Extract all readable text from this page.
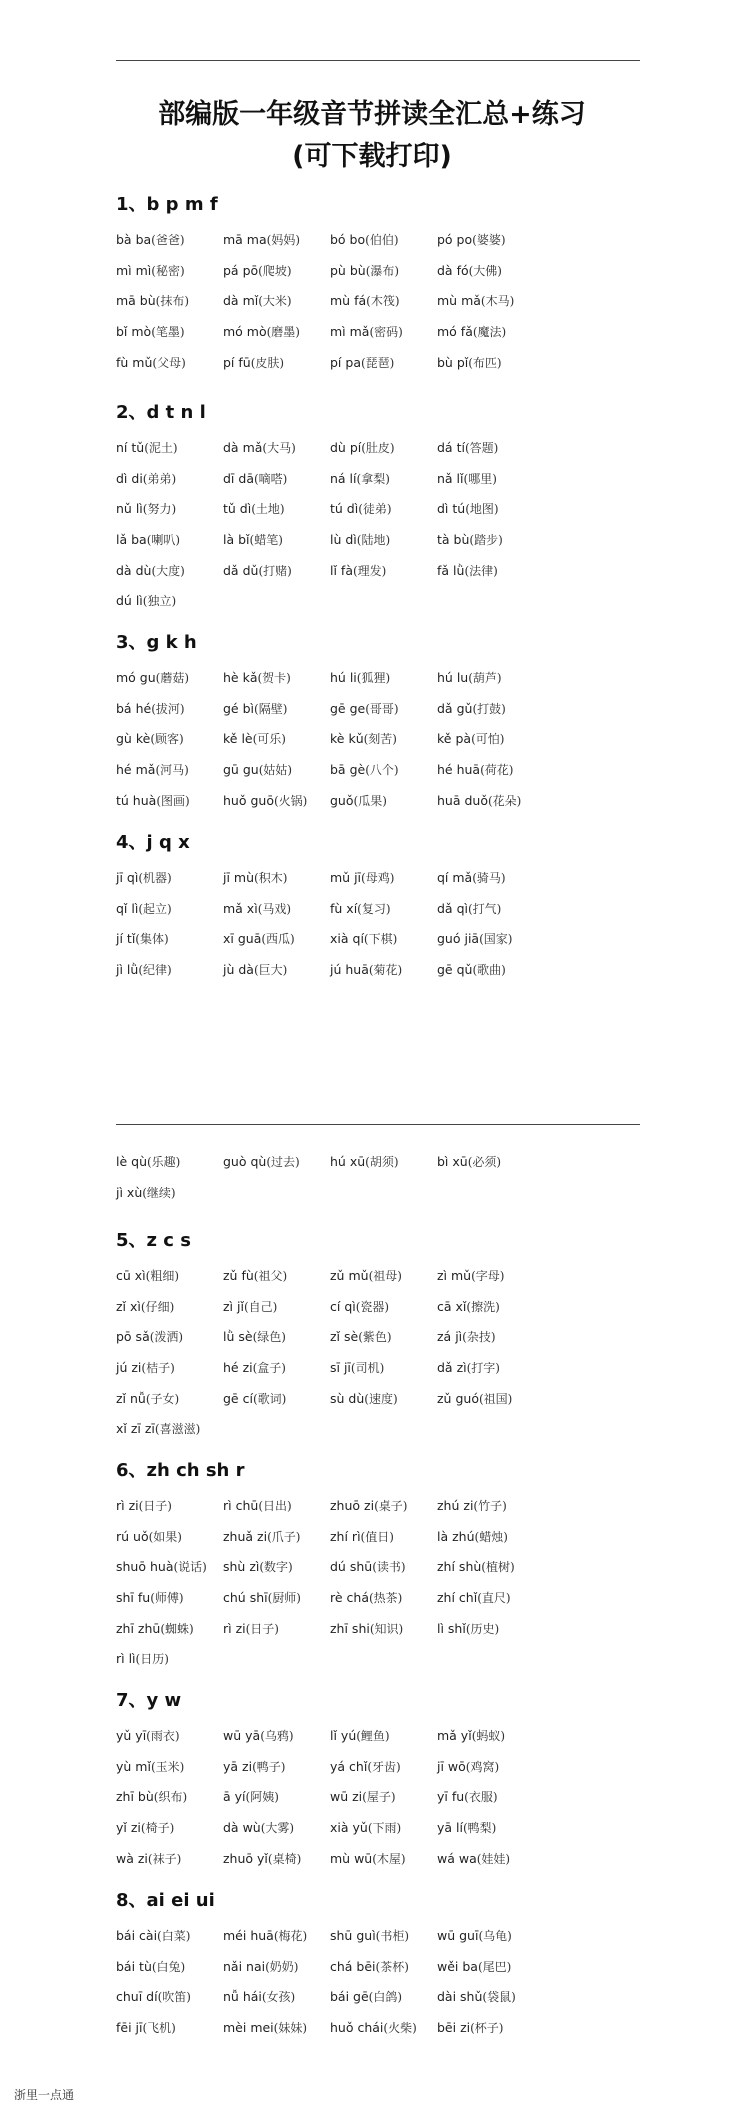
部编版一年级音节拼读全汇总+练习
(可下载打印)
1、b p m f
bà ba(爸爸)	mā ma(妈妈) bó bo(伯伯)	pó po(婆婆)
mì mì(秘密)	pá pō(爬坡)	pù bù(瀑布)	dà fó(大佛)
mā bù(抹布)	dà mǐ(大米)	mù fá(木筏)	mù mǎ(木马)
bǐ mò(笔墨)	mó mò(磨墨) mì mǎ(密码)	mó fǎ(魔法)
fù mǔ(父母)	pí fū(皮肤)	pí pa(琵琶)	bù pǐ(布匹)
2、d t n l
ní tǔ(泥土)	dà mǎ(大马)	dù pí(肚皮)	dá tí(答题)
dì di(弟弟)	dī dā(嘀嗒)	ná lí(拿梨)	nǎ lǐ(哪里)
nǔ lì(努力)	tǔ dì(土地)	tú dì(徒弟)	dì tú(地图)
lǎ ba(喇叭)	là bǐ(蜡笔)	lù dì(陆地)	tà bù(踏步)
dà dù(大度)	dǎ dǔ(打赌)	lǐ fà(理发)	fǎ lǜ(法律)
dú lì(独立)
3、g k h
mó gu(蘑菇)	hè kǎ(贺卡)	hú li(狐狸)	hú lu(葫芦)
bá hé(拔河)	gé bì(隔壁)	gē ge(哥哥)	dǎ gǔ(打鼓)
gù kè(顾客)	kě lè(可乐)	kè kǔ(刻苦)	kě pà(可怕)
hé mǎ(河马)	gū gu(姑姑)	bā gè(八个)	hé huā(荷花)
tú huà(图画)	huǒ guō(火锅) guǒ(瓜果)	huā duǒ(花朵)
4、j q x
jī qì(机器)	jī mù(积木)	mǔ jī(母鸡)	qí mǎ(骑马)
qǐ lì(起立)	mǎ xì(马戏)	fù xí(复习)	dǎ qì(打气)
jí tǐ(集体)	xī guā(西瓜)	xià qí(下棋)	guó jiā(国家)
jì lǜ(纪律)	jù dà(巨大)	jú huā(菊花)	gē qǔ(歌曲)
lè qù(乐趣)	guò qù(过去) hú xū(胡须)	bì xū(必须)
jì xù(继续)
5、z c s
cū xì(粗细)	zǔ fù(祖父)	zǔ mǔ(祖母)	zì mǔ(字母)
zǐ xì(仔细)	zì jǐ(自己)	cí qì(瓷器)	cā xǐ(擦洗)
pō sǎ(泼洒)	lǜ sè(绿色)	zǐ sè(紫色)	zá jì(杂技)
jú zi(桔子)	hé zi(盒子)	sī jī(司机)	dǎ zì(打字)
zǐ nǚ(子女)	gē cí(歌词)	sù dù(速度)	zǔ guó(祖国)
xǐ zī zī(喜滋滋)
6、zh ch sh r
rì zi(日子)	rì chū(日出)	zhuō zi(桌子) zhú zi(竹子)
rú uǒ(如果)	zhuǎ zi(爪子) zhí rì(值日)	là zhú(蜡烛)
shuō huà(说话) shù zì(数字)	dú shū(读书)	zhí shù(植树)
shī fu(师傅)	chú shī(厨师) rè chá(热茶)	zhí chǐ(直尺)
zhī zhū(蜘蛛) rì zi(日子)	zhī shi(知识)	lì shǐ(历史)
rì lì(日历)
7、y w
yǔ yī(雨衣)	wū yā(乌鸦)	lǐ yú(鲤鱼)	mǎ yǐ(蚂蚁)
yù mǐ(玉米)	yā zi(鸭子)	yá chǐ(牙齿)	jī wō(鸡窝)
zhī bù(织布)	ā yí(阿姨)	wū zi(屋子)	yī fu(衣服)
yǐ zi(椅子)	dà wù(大雾)	xià yǔ(下雨)	yā lí(鸭梨)
wà zi(袜子)	zhuō yǐ(桌椅) mù wū(木屋)	wá wa(娃娃)
8、ai ei ui
bái cài(白菜)	méi huā(梅花) shū guì(书柜) wū guī(乌龟)
bái tù(白兔)	nǎi nai(奶奶)	chá bēi(茶杯) wěi ba(尾巴)
chuī dí(吹笛)	nǚ hái(女孩)	bái gē(白鸽)	dài shǔ(袋鼠)
fēi jī(飞机)	mèi mei(妹妹) huǒ chái(火柴) bēi zi(杯子)
浙里一点通
